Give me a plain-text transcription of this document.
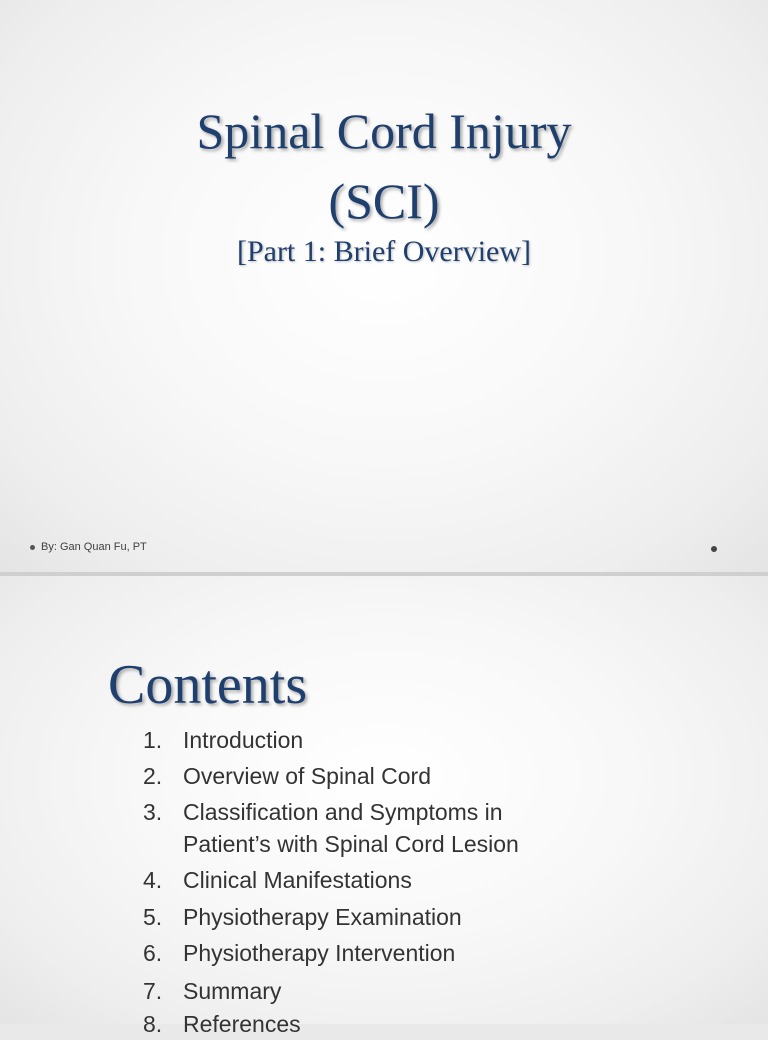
Spinal Cord Injury
(SCI)
[Part 1: Brief Overview]
By: Gan Quan Fu, PT
Contents
1. Introduction
2. Overview of Spinal Cord
3. Classification and Symptoms in
Patient’s with Spinal Cord Lesion
4. Clinical Manifestations
5. Physiotherapy Examination
6. Physiotherapy Intervention
7. Summary
8. References
